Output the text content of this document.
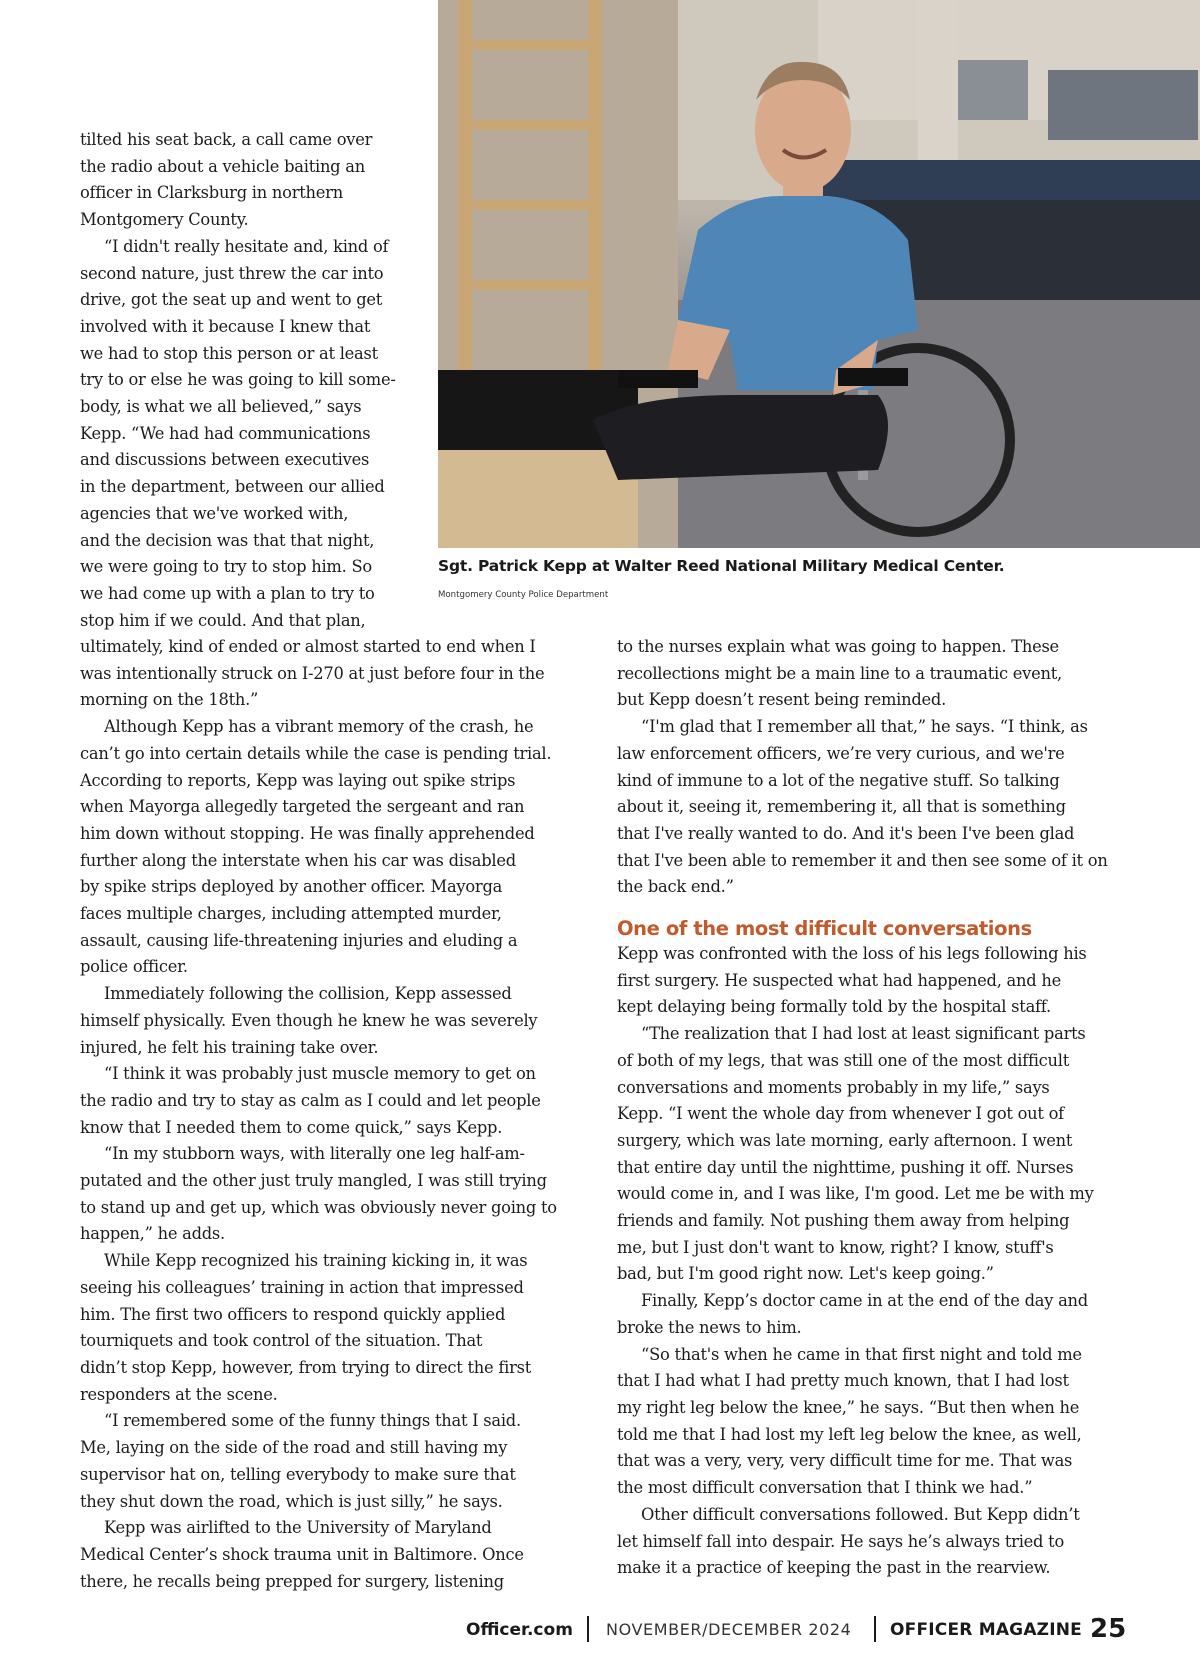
Sgt. Patrick Kepp at Walter Reed National Military Medical Center.
Montgomery County Police Department
tilted his seat back, a call came over
the radio about a vehicle baiting an
officer in Clarksburg in northern
Montgomery County.
“I didn't really hesitate and, kind of
second nature, just threw the car into
drive, got the seat up and went to get
involved with it because I knew that
we had to stop this person or at least
try to or else he was going to kill some-
body, is what we all believed,” says
Kepp. “We had had communications
and discussions between executives
in the department, between our allied
agencies that we've worked with,
and the decision was that that night,
we were going to try to stop him. So
we had come up with a plan to try to
stop him if we could. And that plan,
ultimately, kind of ended or almost started to end when I
was intentionally struck on I-270 at just before four in the
morning on the 18th.”
Although Kepp has a vibrant memory of the crash, he
can’t go into certain details while the case is pending trial.
According to reports, Kepp was laying out spike strips
when Mayorga allegedly targeted the sergeant and ran
him down without stopping. He was finally apprehended
further along the interstate when his car was disabled
by spike strips deployed by another officer. Mayorga
faces multiple charges, including attempted murder,
assault, causing life-threatening injuries and eluding a
police officer.
Immediately following the collision, Kepp assessed
himself physically. Even though he knew he was severely
injured, he felt his training take over.
“I think it was probably just muscle memory to get on
the radio and try to stay as calm as I could and let people
know that I needed them to come quick,” says Kepp.
“In my stubborn ways, with literally one leg half-am-
putated and the other just truly mangled, I was still trying
to stand up and get up, which was obviously never going to
happen,” he adds.
While Kepp recognized his training kicking in, it was
seeing his colleagues’ training in action that impressed
him. The first two officers to respond quickly applied
tourniquets and took control of the situation. That
didn’t stop Kepp, however, from trying to direct the first
responders at the scene.
“I remembered some of the funny things that I said.
Me, laying on the side of the road and still having my
supervisor hat on, telling everybody to make sure that
they shut down the road, which is just silly,” he says.
Kepp was airlifted to the University of Maryland
Medical Center’s shock trauma unit in Baltimore. Once
there, he recalls being prepped for surgery, listening
to the nurses explain what was going to happen. These
recollections might be a main line to a traumatic event,
but Kepp doesn’t resent being reminded.
“I'm glad that I remember all that,” he says. “I think, as
law enforcement officers, we’re very curious, and we're
kind of immune to a lot of the negative stuff. So talking
about it, seeing it, remembering it, all that is something
that I've really wanted to do. And it's been I've been glad
that I've been able to remember it and then see some of it on
the back end.”
One of the most difficult conversations
Kepp was confronted with the loss of his legs following his
first surgery. He suspected what had happened, and he
kept delaying being formally told by the hospital staff.
“The realization that I had lost at least significant parts
of both of my legs, that was still one of the most difficult
conversations and moments probably in my life,” says
Kepp. “I went the whole day from whenever I got out of
surgery, which was late morning, early afternoon. I went
that entire day until the nighttime, pushing it off. Nurses
would come in, and I was like, I'm good. Let me be with my
friends and family. Not pushing them away from helping
me, but I just don't want to know, right? I know, stuff's
bad, but I'm good right now. Let's keep going.”
Finally, Kepp’s doctor came in at the end of the day and
broke the news to him.
“So that's when he came in that first night and told me
that I had what I had pretty much known, that I had lost
my right leg below the knee,” he says. “But then when he
told me that I had lost my left leg below the knee, as well,
that was a very, very, very difficult time for me. That was
the most difficult conversation that I think we had.”
Other difficult conversations followed. But Kepp didn’t
let himself fall into despair. He says he’s always tried to
make it a practice of keeping the past in the rearview.
Officer.com NOVEMBER/DECEMBER 2024 OFFICER MAGAZINE 25
